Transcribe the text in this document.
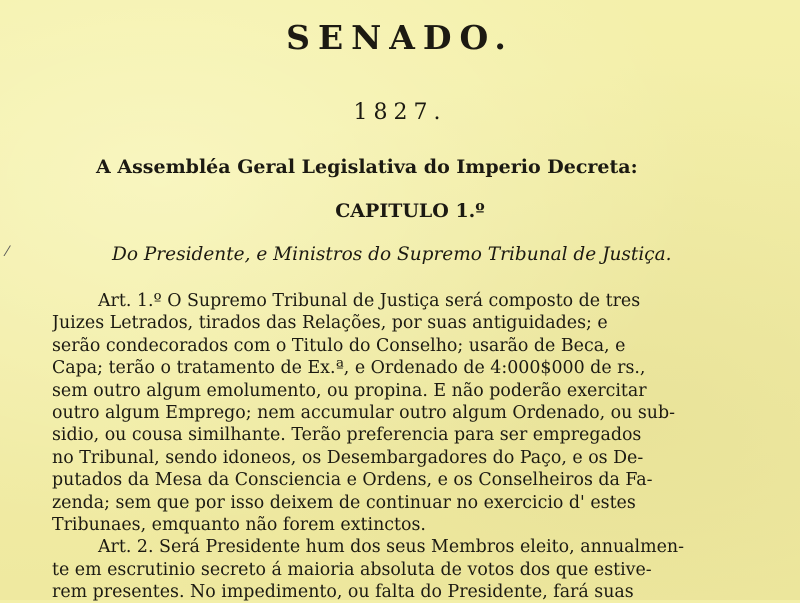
SENADO.
1827.
A Assembléa Geral Legislativa do Imperio Decreta:
CAPITULO 1.º
⁄	Do Presidente, e Ministros do Supremo Tribunal de Justiça.
Art. 1.º O Supremo Tribunal de Justiça será composto de tres
Juizes Letrados, tirados das Relações, por suas antiguidades; e
serão condecorados com o Titulo do Conselho; usarão de Beca, e
Capa; terão o tratamento de Ex.ª, e Ordenado de 4:000$000 de rs.,
sem outro algum emolumento, ou propina. E não poderão exercitar
outro algum Emprego; nem accumular outro algum Ordenado, ou sub-
sidio, ou cousa similhante. Terão preferencia para ser empregados
no Tribunal, sendo idoneos, os Desembargadores do Paço, e os De-
putados da Mesa da Consciencia e Ordens, e os Conselheiros da Fa-
zenda; sem que por isso deixem de continuar no exercicio d' estes
Tribunaes, emquanto não forem extinctos.
Art. 2. Será Presidente hum dos seus Membros eleito, annualmen-
te em escrutinio secreto á maioria absoluta de votos dos que estive-
rem presentes. No impedimento, ou falta do Presidente, fará suas
